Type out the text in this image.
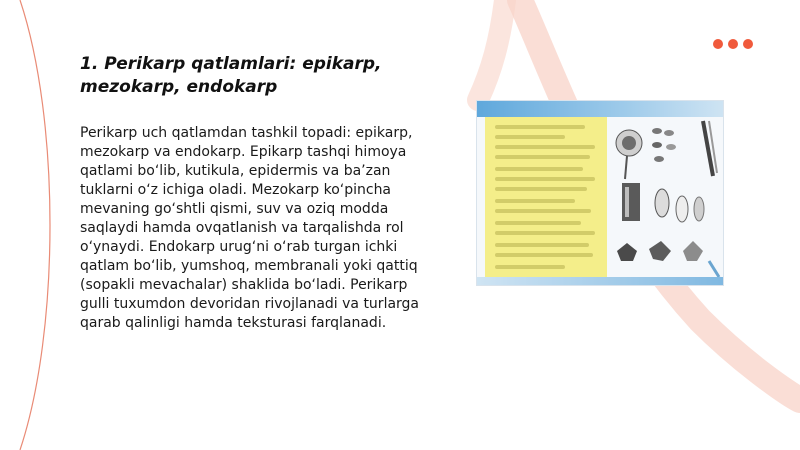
1. Perikarp qatlamlari: epikarp, mezokarp, endokarp

Perikarp uch qatlamdan tashkil topadi: epikarp, mezokarp va endokarp. Epikarp tashqi himoya qatlami bo‘lib, kutikula, epidermis va ba’zan tuklarni o‘z ichiga oladi. Mezokarp ko‘pincha mevaning go‘shtli qismi, suv va oziq modda saqlaydi hamda ovqatlanish va tarqalishda rol o‘ynaydi. Endokarp urug‘ni o‘rab turgan ichki qatlam bo‘lib, yumshoq, membranali yoki qattiq (sopakli mevachalar) shaklida bo‘ladi. Perikarp gulli tuxumdon devoridan rivojlanadi va turlarga qarab qalinligi hamda teksturasi farqlanadi.
